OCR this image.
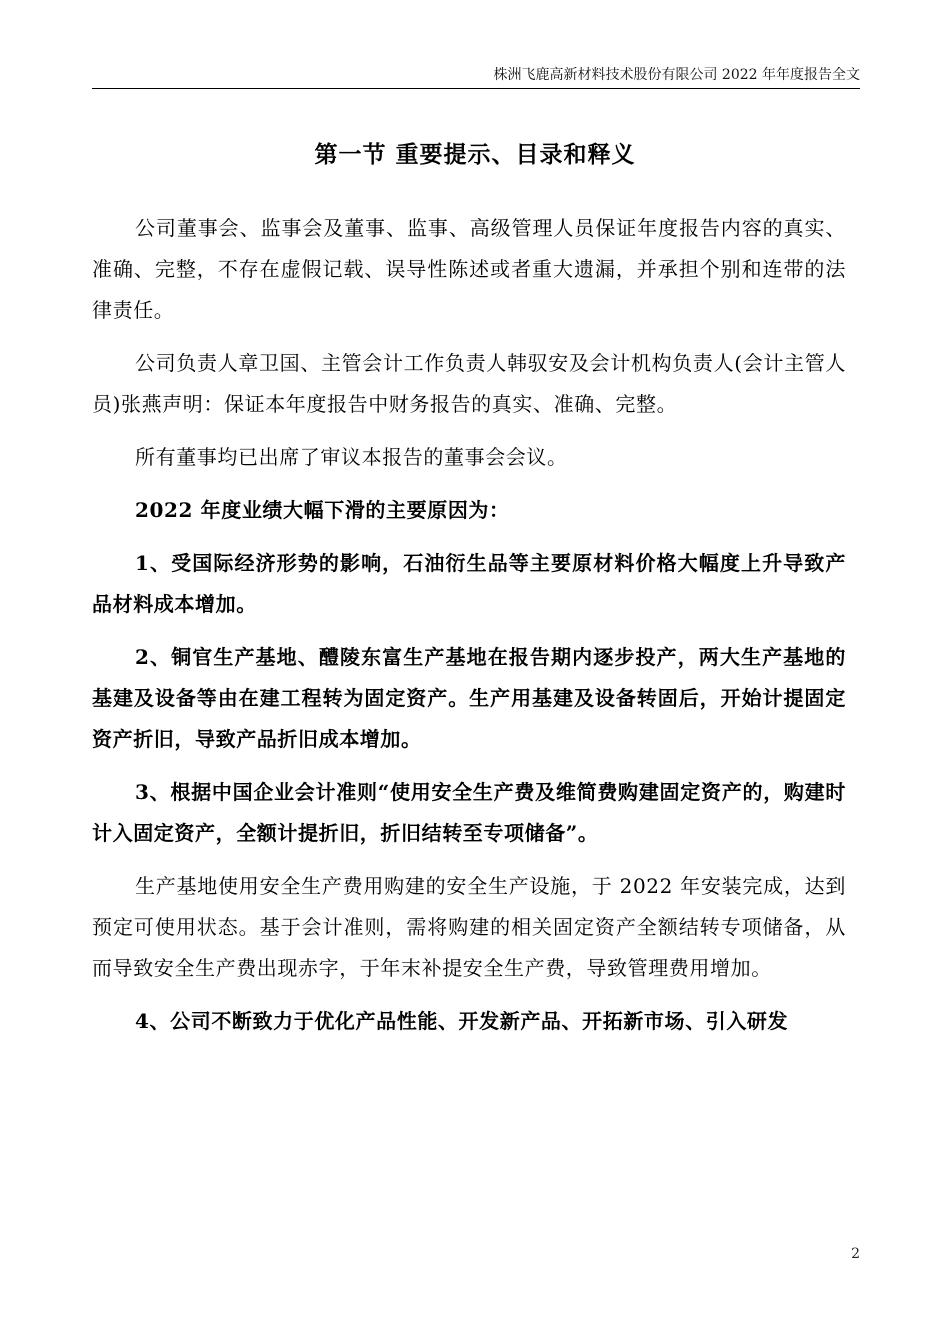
株洲飞鹿高新材料技术股份有限公司 2022 年年度报告全文
第一节 重要提示、目录和释义

公司董事会、监事会及董事、监事、高级管理人员保证年度报告内容的真实、准确、完整，不存在虚假记载、误导性陈述或者重大遗漏，并承担个别和连带的法律责任。

公司负责人章卫国、主管会计工作负责人韩驭安及会计机构负责人(会计主管人员)张燕声明：保证本年度报告中财务报告的真实、准确、完整。

所有董事均已出席了审议本报告的董事会会议。

2022 年度业绩大幅下滑的主要原因为：

1、受国际经济形势的影响，石油衍生品等主要原材料价格大幅度上升导致产品材料成本增加。

2、铜官生产基地、醴陵东富生产基地在报告期内逐步投产，两大生产基地的基建及设备等由在建工程转为固定资产。生产用基建及设备转固后，开始计提固定资产折旧，导致产品折旧成本增加。

3、根据中国企业会计准则“使用安全生产费及维简费购建固定资产的，购建时计入固定资产，全额计提折旧，折旧结转至专项储备”。

生产基地使用安全生产费用购建的安全生产设施，于 2022 年安装完成，达到预定可使用状态。基于会计准则，需将购建的相关固定资产全额结转专项储备，从而导致安全生产费出现赤字，于年末补提安全生产费，导致管理费用增加。

4、公司不断致力于优化产品性能、开发新产品、开拓新市场、引入研发

2
